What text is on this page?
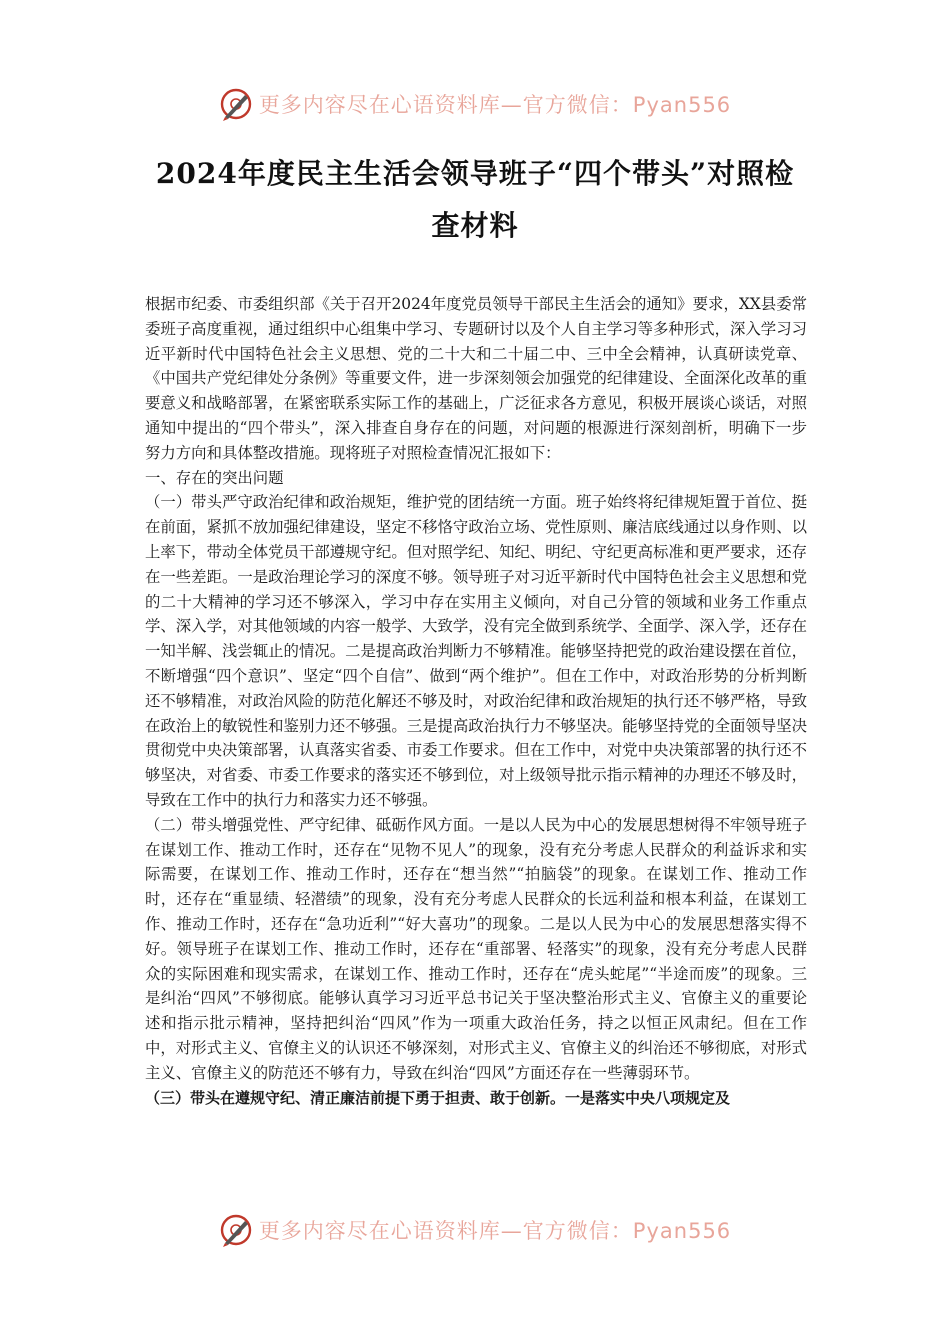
更多内容尽在心语资料库—官方微信：Pyan556
2024年度民主生活会领导班子“四个带头”对照检
查材料

根据市纪委、市委组织部《关于召开2024年度党员领导干部民主生活会的通知》要求，XX县委常委班子高度重视，通过组织中心组集中学习、专题研讨以及个人自主学习等多种形式，深入学习习近平新时代中国特色社会主义思想、党的二十大和二十届二中、三中全会精神，认真研读党章、《中国共产党纪律处分条例》等重要文件，进一步深刻领会加强党的纪律建设、全面深化改革的重要意义和战略部署，在紧密联系实际工作的基础上，广泛征求各方意见，积极开展谈心谈话，对照通知中提出的“四个带头”，深入排查自身存在的问题，对问题的根源进行深刻剖析，明确下一步努力方向和具体整改措施。现将班子对照检查情况汇报如下：

一、存在的突出问题

（一）带头严守政治纪律和政治规矩，维护党的团结统一方面。班子始终将纪律规矩置于首位、挺在前面，紧抓不放加强纪律建设，坚定不移恪守政治立场、党性原则、廉洁底线通过以身作则、以上率下，带动全体党员干部遵规守纪。但对照学纪、知纪、明纪、守纪更高标准和更严要求，还存在一些差距。一是政治理论学习的深度不够。领导班子对习近平新时代中国特色社会主义思想和党的二十大精神的学习还不够深入，学习中存在实用主义倾向，对自己分管的领域和业务工作重点学、深入学，对其他领域的内容一般学、大致学，没有完全做到系统学、全面学、深入学，还存在一知半解、浅尝辄止的情况。二是提高政治判断力不够精准。能够坚持把党的政治建设摆在首位，不断增强“四个意识”、坚定“四个自信”、做到“两个维护”。但在工作中，对政治形势的分析判断还不够精准，对政治风险的防范化解还不够及时，对政治纪律和政治规矩的执行还不够严格，导致在政治上的敏锐性和鉴别力还不够强。三是提高政治执行力不够坚决。能够坚持党的全面领导坚决贯彻党中央决策部署，认真落实省委、市委工作要求。但在工作中，对党中央决策部署的执行还不够坚决，对省委、市委工作要求的落实还不够到位，对上级领导批示指示精神的办理还不够及时，导致在工作中的执行力和落实力还不够强。

（二）带头增强党性、严守纪律、砥砺作风方面。一是以人民为中心的发展思想树得不牢领导班子在谋划工作、推动工作时，还存在“见物不见人”的现象，没有充分考虑人民群众的利益诉求和实际需要，在谋划工作、推动工作时，还存在“想当然”“拍脑袋”的现象。在谋划工作、推动工作时，还存在“重显绩、轻潜绩”的现象，没有充分考虑人民群众的长远利益和根本利益，在谋划工作、推动工作时，还存在“急功近利”“好大喜功”的现象。二是以人民为中心的发展思想落实得不好。领导班子在谋划工作、推动工作时，还存在“重部署、轻落实”的现象，没有充分考虑人民群众的实际困难和现实需求，在谋划工作、推动工作时，还存在“虎头蛇尾”“半途而废”的现象。三是纠治“四风”不够彻底。能够认真学习习近平总书记关于坚决整治形式主义、官僚主义的重要论述和指示批示精神，坚持把纠治“四风”作为一项重大政治任务，持之以恒正风肃纪。但在工作中，对形式主义、官僚主义的认识还不够深刻，对形式主义、官僚主义的纠治还不够彻底，对形式主义、官僚主义的防范还不够有力，导致在纠治“四风”方面还存在一些薄弱环节。

（三）带头在遵规守纪、清正廉洁前提下勇于担责、敢于创新。一是落实中央八项规定及

更多内容尽在心语资料库—官方微信：Pyan556
